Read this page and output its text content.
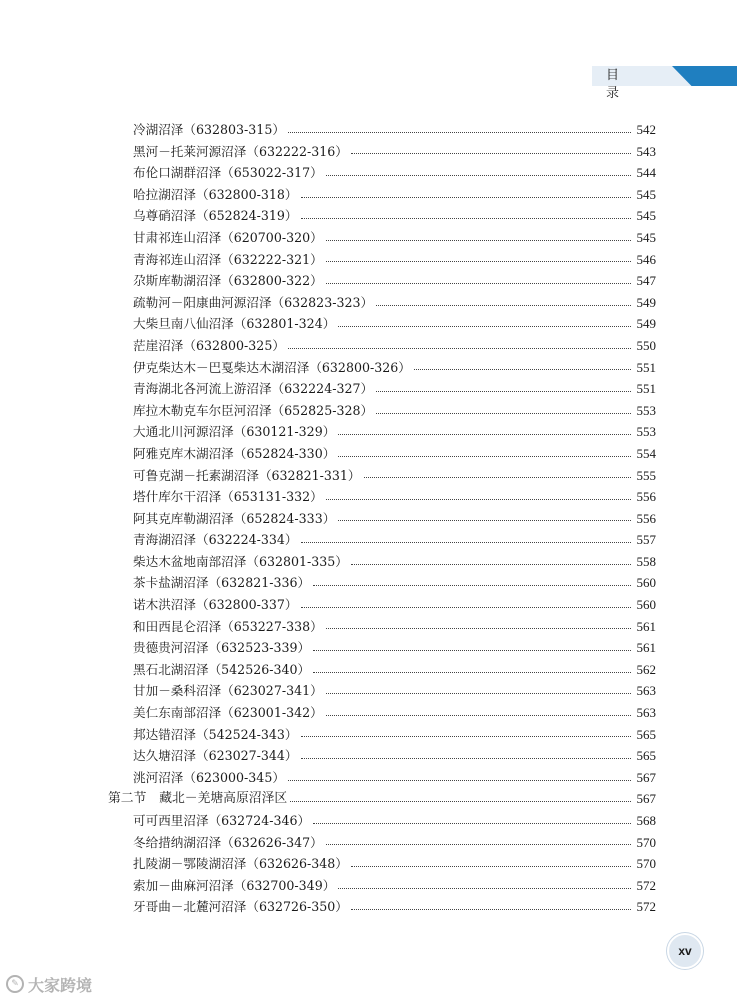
目 录
冷湖沼泽（632803-315）	542
黑河－托莱河源沼泽（632222-316）	543
布伦口湖群沼泽（653022-317）	544
哈拉湖沼泽（632800-318）	545
乌尊硝沼泽（652824-319）	545
甘肃祁连山沼泽（620700-320）	545
青海祁连山沼泽（632222-321）	546
尕斯库勒湖沼泽（632800-322）	547
疏勒河－阳康曲河源沼泽（632823-323）	549
大柴旦南八仙沼泽（632801-324）	549
茫崖沼泽（632800-325）	550
伊克柴达木－巴戛柴达木湖沼泽（632800-326）	551
青海湖北各河流上游沼泽（632224-327）	551
库拉木勒克车尔臣河沼泽（652825-328）	553
大通北川河源沼泽（630121-329）	553
阿雅克库木湖沼泽（652824-330）	554
可鲁克湖－托素湖沼泽（632821-331）	555
塔什库尔干沼泽（653131-332）	556
阿其克库勒湖沼泽（652824-333）	556
青海湖沼泽（632224-334）	557
柴达木盆地南部沼泽（632801-335）	558
茶卡盐湖沼泽（632821-336）	560
诺木洪沼泽（632800-337）	560
和田西昆仑沼泽（653227-338）	561
贵德贵河沼泽（632523-339）	561
黑石北湖沼泽（542526-340）	562
甘加－桑科沼泽（623027-341）	563
美仁东南部沼泽（623001-342）	563
邦达错沼泽（542524-343）	565
达久塘沼泽（623027-344）	565
洮河沼泽（623000-345）	567
第二节　藏北－羌塘高原沼泽区	567
可可西里沼泽（632724-346）	568
冬给措纳湖沼泽（632626-347）	570
扎陵湖－鄂陵湖沼泽（632626-348）	570
索加－曲麻河沼泽（632700-349）	572
牙哥曲－北麓河沼泽（632726-350）	572
xv
✎ 大家跨境
